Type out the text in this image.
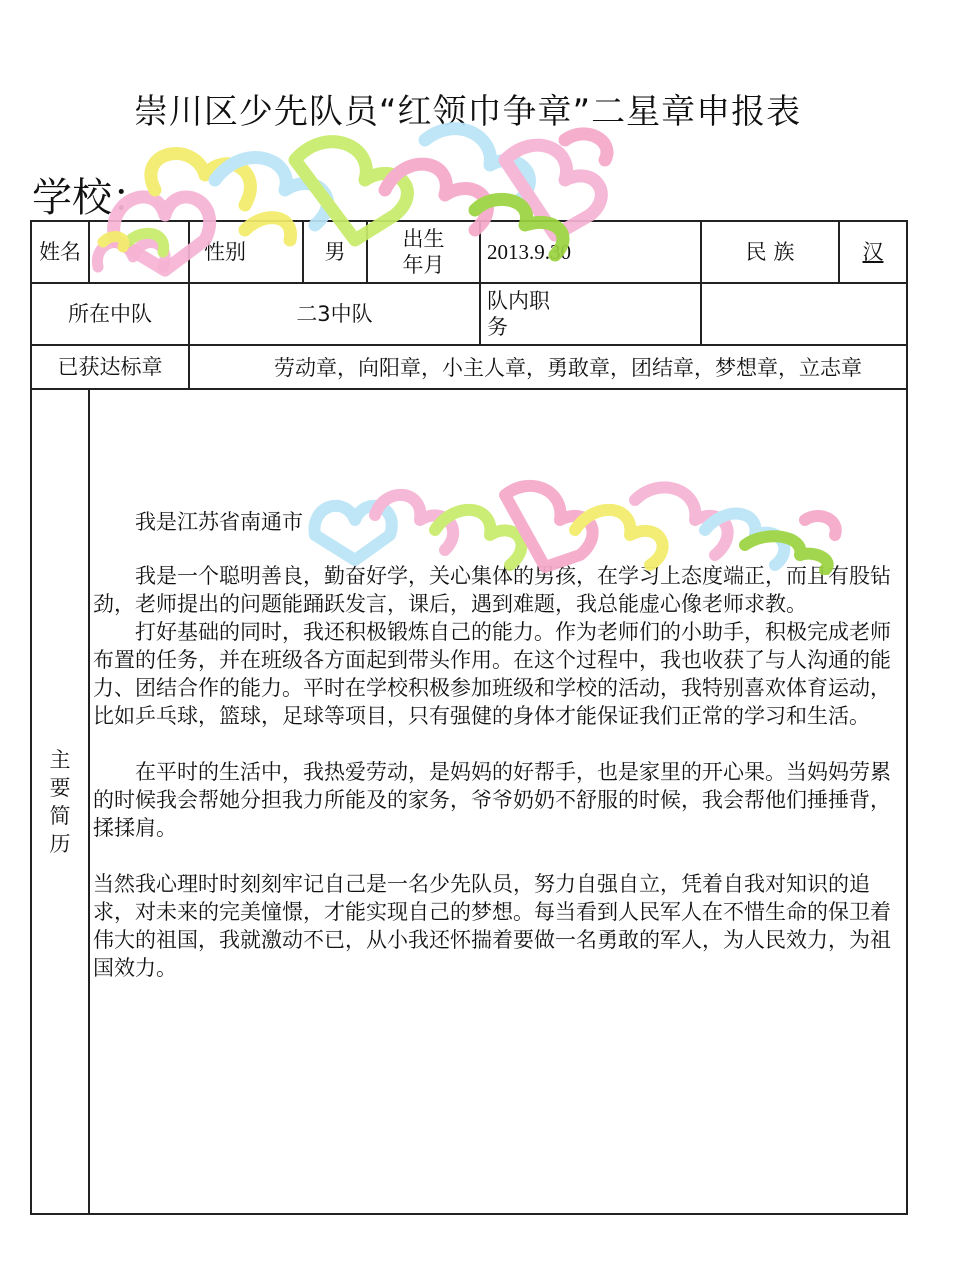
崇川区少先队员“红领巾争章”二星章申报表
学校：
姓名		性别	男	出生年月	2013.9.30	民 族	汉
所在中队		二3中队			队内职务		
已获达标章		劳动章，向阳章，小主人章，勇敢章，团结章，梦想章，立志章					
主要简历	我是江苏省南通市

我是一个聪明善良，勤奋好学，关心集体的男孩，在学习上态度端正，而且有股钻劲，老师提出的问题能踊跃发言，课后，遇到难题，我总能虚心像老师求教。

打好基础的同时，我还积极锻炼自己的能力。作为老师们的小助手，积极完成老师布置的任务，并在班级各方面起到带头作用。在这个过程中，我也收获了与人沟通的能力、团结合作的能力。平时在学校积极参加班级和学校的活动，我特别喜欢体育运动，比如乒乓球，篮球，足球等项目，只有强健的身体才能保证我们正常的学习和生活。

在平时的生活中，我热爱劳动，是妈妈的好帮手，也是家里的开心果。当妈妈劳累的时候我会帮她分担我力所能及的家务，爷爷奶奶不舒服的时候，我会帮他们捶捶背，揉揉肩。

当然我心理时时刻刻牢记自己是一名少先队员，努力自强自立，凭着自我对知识的追求，对未来的完美憧憬，才能实现自己的梦想。每当看到人民军人在不惜生命的保卫着伟大的祖国，我就激动不已，从小我还怀揣着要做一名勇敢的军人，为人民效力，为祖国效力。						
